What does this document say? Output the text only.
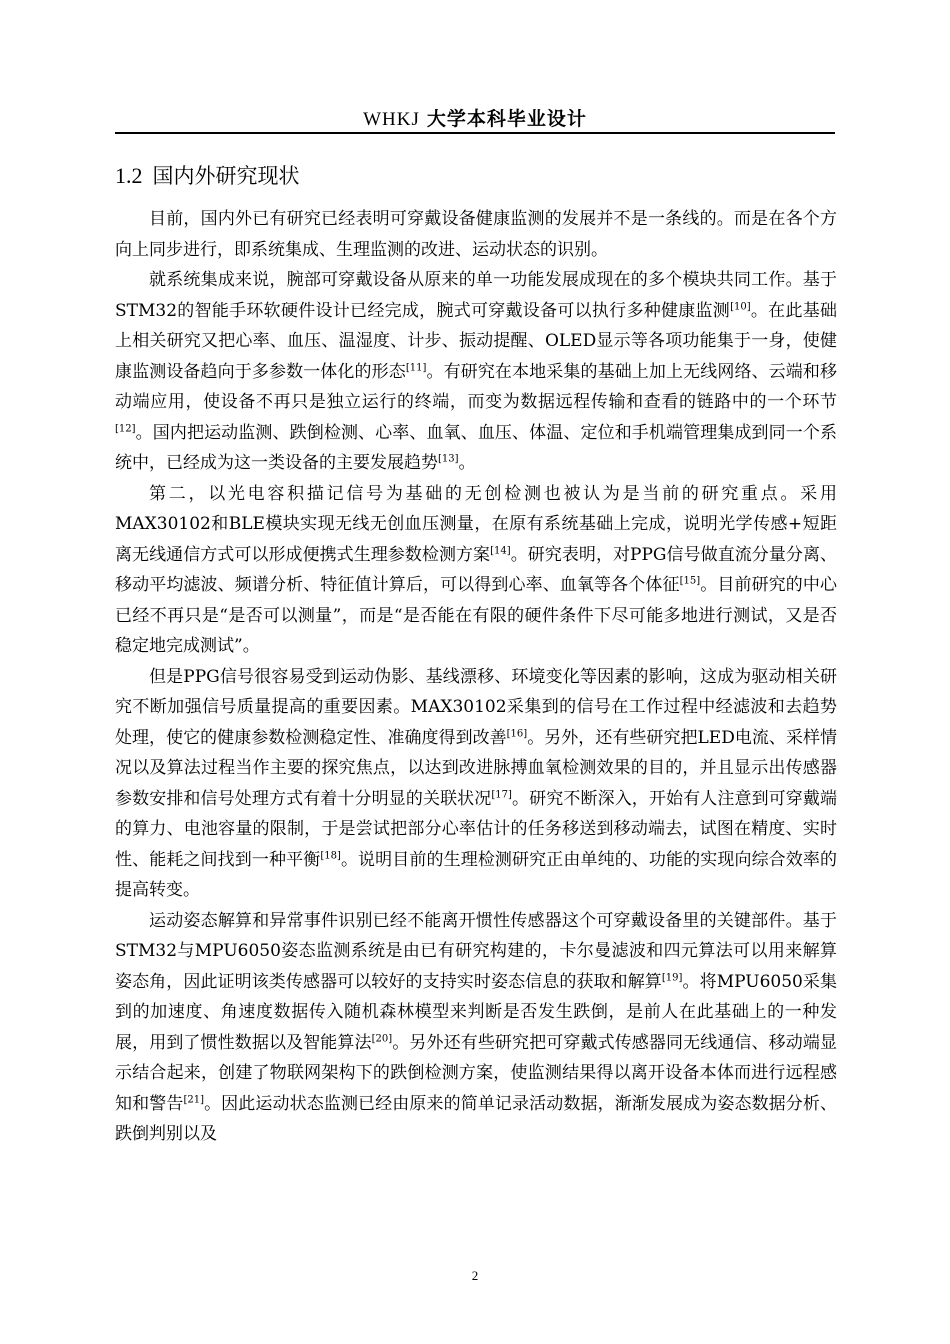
WHKJ 大学本科毕业设计
1.2 国内外研究现状

目前，国内外已有研究已经表明可穿戴设备健康监测的发展并不是一条线的。而是在各个方向上同步进行，即系统集成、生理监测的改进、运动状态的识别。

就系统集成来说，腕部可穿戴设备从原来的单一功能发展成现在的多个模块共同工作。基于STM32的智能手环软硬件设计已经完成，腕式可穿戴设备可以执行多种健康监测[10]。在此基础上相关研究又把心率、血压、温湿度、计步、振动提醒、OLED显示等各项功能集于一身，使健康监测设备趋向于多参数一体化的形态[11]。有研究在本地采集的基础上加上无线网络、云端和移动端应用，使设备不再只是独立运行的终端，而变为数据远程传输和查看的链路中的一个环节[12]。国内把运动监测、跌倒检测、心率、血氧、血压、体温、定位和手机端管理集成到同一个系统中，已经成为这一类设备的主要发展趋势[13]。

第二，以光电容积描记信号为基础的无创检测也被认为是当前的研究重点。采用MAX30102和BLE模块实现无线无创血压测量，在原有系统基础上完成，说明光学传感+短距离无线通信方式可以形成便携式生理参数检测方案[14]。研究表明，对PPG信号做直流分量分离、移动平均滤波、频谱分析、特征值计算后，可以得到心率、血氧等各个体征[15]。目前研究的中心已经不再只是“是否可以测量”，而是“是否能在有限的硬件条件下尽可能多地进行测试，又是否稳定地完成测试”。

但是PPG信号很容易受到运动伪影、基线漂移、环境变化等因素的影响，这成为驱动相关研究不断加强信号质量提高的重要因素。MAX30102采集到的信号在工作过程中经滤波和去趋势处理，使它的健康参数检测稳定性、准确度得到改善[16]。另外，还有些研究把LED电流、采样情况以及算法过程当作主要的探究焦点，以达到改进脉搏血氧检测效果的目的，并且显示出传感器参数安排和信号处理方式有着十分明显的关联状况[17]。研究不断深入，开始有人注意到可穿戴端的算力、电池容量的限制，于是尝试把部分心率估计的任务移送到移动端去，试图在精度、实时性、能耗之间找到一种平衡[18]。说明目前的生理检测研究正由单纯的、功能的实现向综合效率的提高转变。

运动姿态解算和异常事件识别已经不能离开惯性传感器这个可穿戴设备里的关键部件。基于STM32与MPU6050姿态监测系统是由已有研究构建的，卡尔曼滤波和四元算法可以用来解算姿态角，因此证明该类传感器可以较好的支持实时姿态信息的获取和解算[19]。将MPU6050采集到的加速度、角速度数据传入随机森林模型来判断是否发生跌倒，是前人在此基础上的一种发展，用到了惯性数据以及智能算法[20]。另外还有些研究把可穿戴式传感器同无线通信、移动端显示结合起来，创建了物联网架构下的跌倒检测方案，使监测结果得以离开设备本体而进行远程感知和警告[21]。因此运动状态监测已经由原来的简单记录活动数据，渐渐发展成为姿态数据分析、跌倒判别以及

2
